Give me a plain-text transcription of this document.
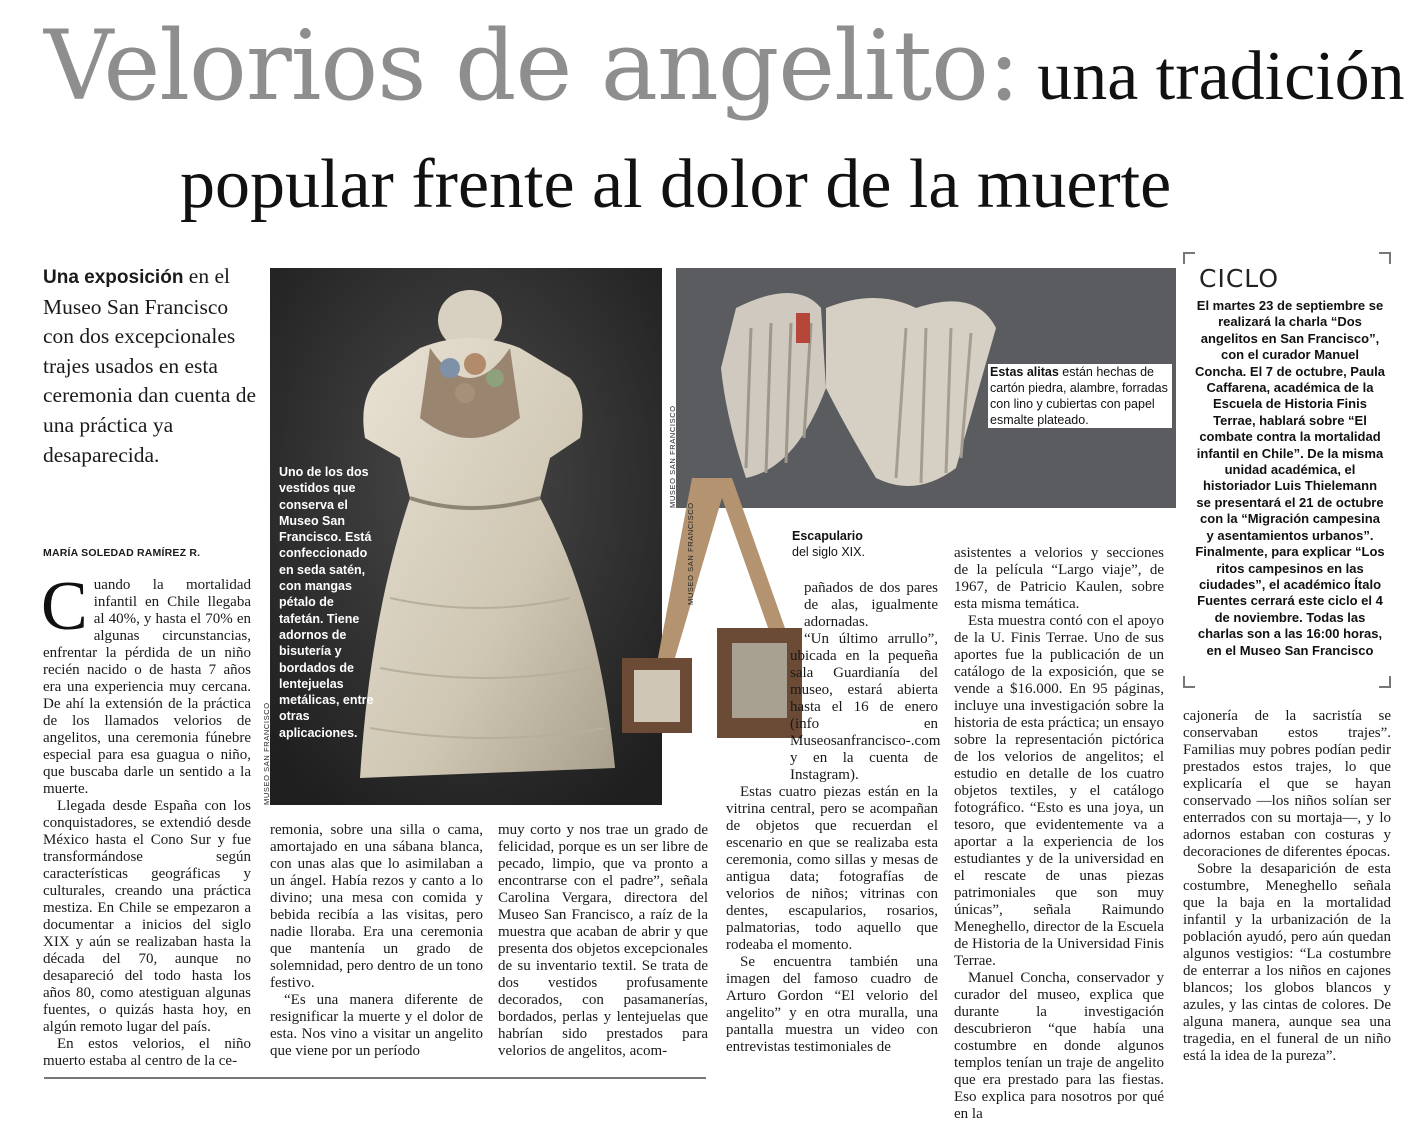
Velorios de angelito: una tradición
popular frente al dolor de la muerte
Una exposición en el Museo San Francisco con dos excepcionales trajes usados en esta ceremonia dan cuenta de una práctica ya desaparecida.
MARÍA SOLEDAD RAMÍREZ R.
MUSEO SAN FRANCISCO
Uno de los dos vestidos que conserva el Museo San Francisco. Está confeccionado en seda satén, con mangas pétalo de tafetán. Tiene adornos de bisutería y bordados de lentejuelas metálicas, entre otras aplicaciones.
MUSEO SAN FRANCISCO
Estas alitas están hechas de cartón piedra, alambre, forradas con lino y cubiertas con papel esmalte plateado.
MUSEO SAN FRANCISCO	Escapulario
del siglo XIX.
CICLO
El martes 23 de septiembre se realizará la charla “Dos angelitos en San Francisco”, con el curador Manuel Concha. El 7 de octubre, Paula Caffarena, académica de la Escuela de Historia Finis Terrae, hablará sobre “El combate contra la mortalidad infantil en Chile”. De la misma unidad académica, el historiador Luis Thielemann se presentará el 21 de octubre con la “Migración campesina y asentamientos urbanos”. Finalmente, para explicar “Los ritos campesinos en las ciudades”, el académico Ítalo Fuentes cerrará este ciclo el 4 de noviembre. Todas las charlas son a las 16:00 horas, en el Museo San Francisco

Cuando la mortalidad infantil en Chile llegaba al 40%, y hasta el 70% en algunas circunstancias, enfrentar la pérdida de un niño recién nacido o de hasta 7 años era una experiencia muy cercana. De ahí la extensión de la práctica de los llamados velorios de angelitos, una ceremonia fúnebre especial para esa guagua o niño, que buscaba darle un sentido a la muerte.

Llegada desde España con los conquistadores, se extendió desde México hasta el Cono Sur y fue transformándose según características geográficas y culturales, creando una práctica mestiza. En Chile se empezaron a documentar a inicios del siglo XIX y aún se realizaban hasta la década del 70, aunque no desapareció del todo hasta los años 80, como atestiguan algunas fuentes, o quizás hasta hoy, en algún remoto lugar del país.

En estos velorios, el niño muerto estaba al centro de la ce-

remonia, sobre una silla o cama, amortajado en una sábana blanca, con unas alas que lo asimilaban a un ángel. Había rezos y canto a lo divino; una mesa con comida y bebida recibía a las visitas, pero nadie lloraba. Era una ceremonia que mantenía un grado de solemnidad, pero dentro de un tono festivo.

“Es una manera diferente de resignificar la muerte y el dolor de esta. Nos vino a visitar un angelito que viene por un período

muy corto y nos trae un grado de felicidad, porque es un ser libre de pecado, limpio, que va pronto a encontrarse con el padre”, señala Carolina Vergara, directora del Museo San Francisco, a raíz de la muestra que acaban de abrir y que presenta dos objetos excepcionales de su inventario textil. Se trata de dos vestidos profusamente decorados, con pasamanerías, bordados, perlas y lentejuelas que habrían sido prestados para velorios de angelitos, acom-

pañados de dos pares de alas, igualmente adornadas.

“Un último arrullo”, ubicada en la pequeña sala Guardianía del museo, estará abierta hasta el 16 de enero (info en Museosanfrancisco-.com y en la cuenta de Instagram).

Estas cuatro piezas están en la vitrina central, pero se acompañan de objetos que recuerdan el escenario en que se realizaba esta ceremonia, como sillas y mesas de antigua data; fotografías de velorios de niños; vitrinas con dentes, escapularios, rosarios, palmatorias, todo aquello que rodeaba el momento.

Se encuentra también una imagen del famoso cuadro de Arturo Gordon “El velorio del angelito” y en otra muralla, una pantalla muestra un video con entrevistas testimoniales de

asistentes a velorios y secciones de la película “Largo viaje”, de 1967, de Patricio Kaulen, sobre esta misma temática.

Esta muestra contó con el apoyo de la U. Finis Terrae. Uno de sus aportes fue la publicación de un catálogo de la exposición, que se vende a $16.000. En 95 páginas, incluye una investigación sobre la historia de esta práctica; un ensayo sobre la representación pictórica de los velorios de angelitos; el estudio en detalle de los cuatro objetos textiles, y el catálogo fotográfico. “Esto es una joya, un tesoro, que evidentemente va a aportar a la experiencia de los estudiantes y de la universidad en el rescate de unas piezas patrimoniales que son muy únicas”, señala Raimundo Meneghello, director de la Escuela de Historia de la Universidad Finis Terrae.

Manuel Concha, conservador y curador del museo, explica que durante la investigación descubrieron “que había una costumbre en donde algunos templos tenían un traje de angelito que era prestado para las fiestas. Eso explica para nosotros por qué en la

cajonería de la sacristía se conservaban estos trajes”. Familias muy pobres podían pedir prestados estos trajes, lo que explicaría el que se hayan conservado —los niños solían ser enterrados con su mortaja—, y lo adornos estaban con costuras y decoraciones de diferentes épocas.

Sobre la desaparición de esta costumbre, Meneghello señala que la baja en la mortalidad infantil y la urbanización de la población ayudó, pero aún quedan algunos vestigios: “La costumbre de enterrar a los niños en cajones blancos; los globos blancos y azules, y las cintas de colores. De alguna manera, aunque sea una tragedia, en el funeral de un niño está la idea de la pureza”.
